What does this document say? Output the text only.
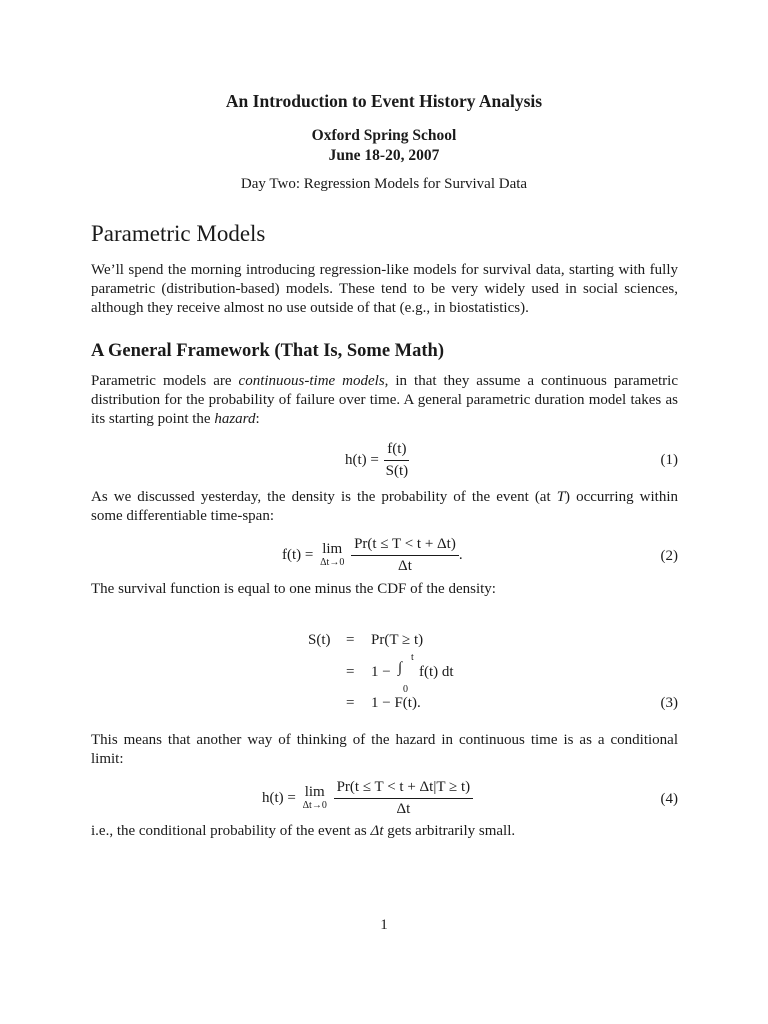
An Introduction to Event History Analysis
Oxford Spring School
June 18-20, 2007
Day Two: Regression Models for Survival Data
Parametric Models
We’ll spend the morning introducing regression-like models for survival data, starting with fully parametric (distribution-based) models. These tend to be very widely used in social sciences, although they receive almost no use outside of that (e.g., in biostatistics).
A General Framework (That Is, Some Math)
Parametric models are continuous-time models, in that they assume a continuous parametric distribution for the probability of failure over time. A general parametric duration model takes as its starting point the hazard:
$h(t) = \frac{f(t)}{S(t)}$	(1)
As we discussed yesterday, the density is the probability of the event (at T) occurring within some differentiable time-span:
f(t) = lim
Δt→0
$\frac{Pr(t \le T < t + \Delta t)}{\Delta t}$ .	(2)
The survival function is equal to one minus the CDF of the density:
S(t) = Pr(T ≥ t)
= 1 − ∫
t
0
f(t) dt
= 1 − F(t).	(3)
This means that another way of thinking of the hazard in continuous time is as a conditional limit:
h(t) = lim
Δt→0
$\frac{Pr(t \le T < t + \Delta t|T \ge t)}{\Delta t}$	(4)
i.e., the conditional probability of the event as Δt gets arbitrarily small.
1
